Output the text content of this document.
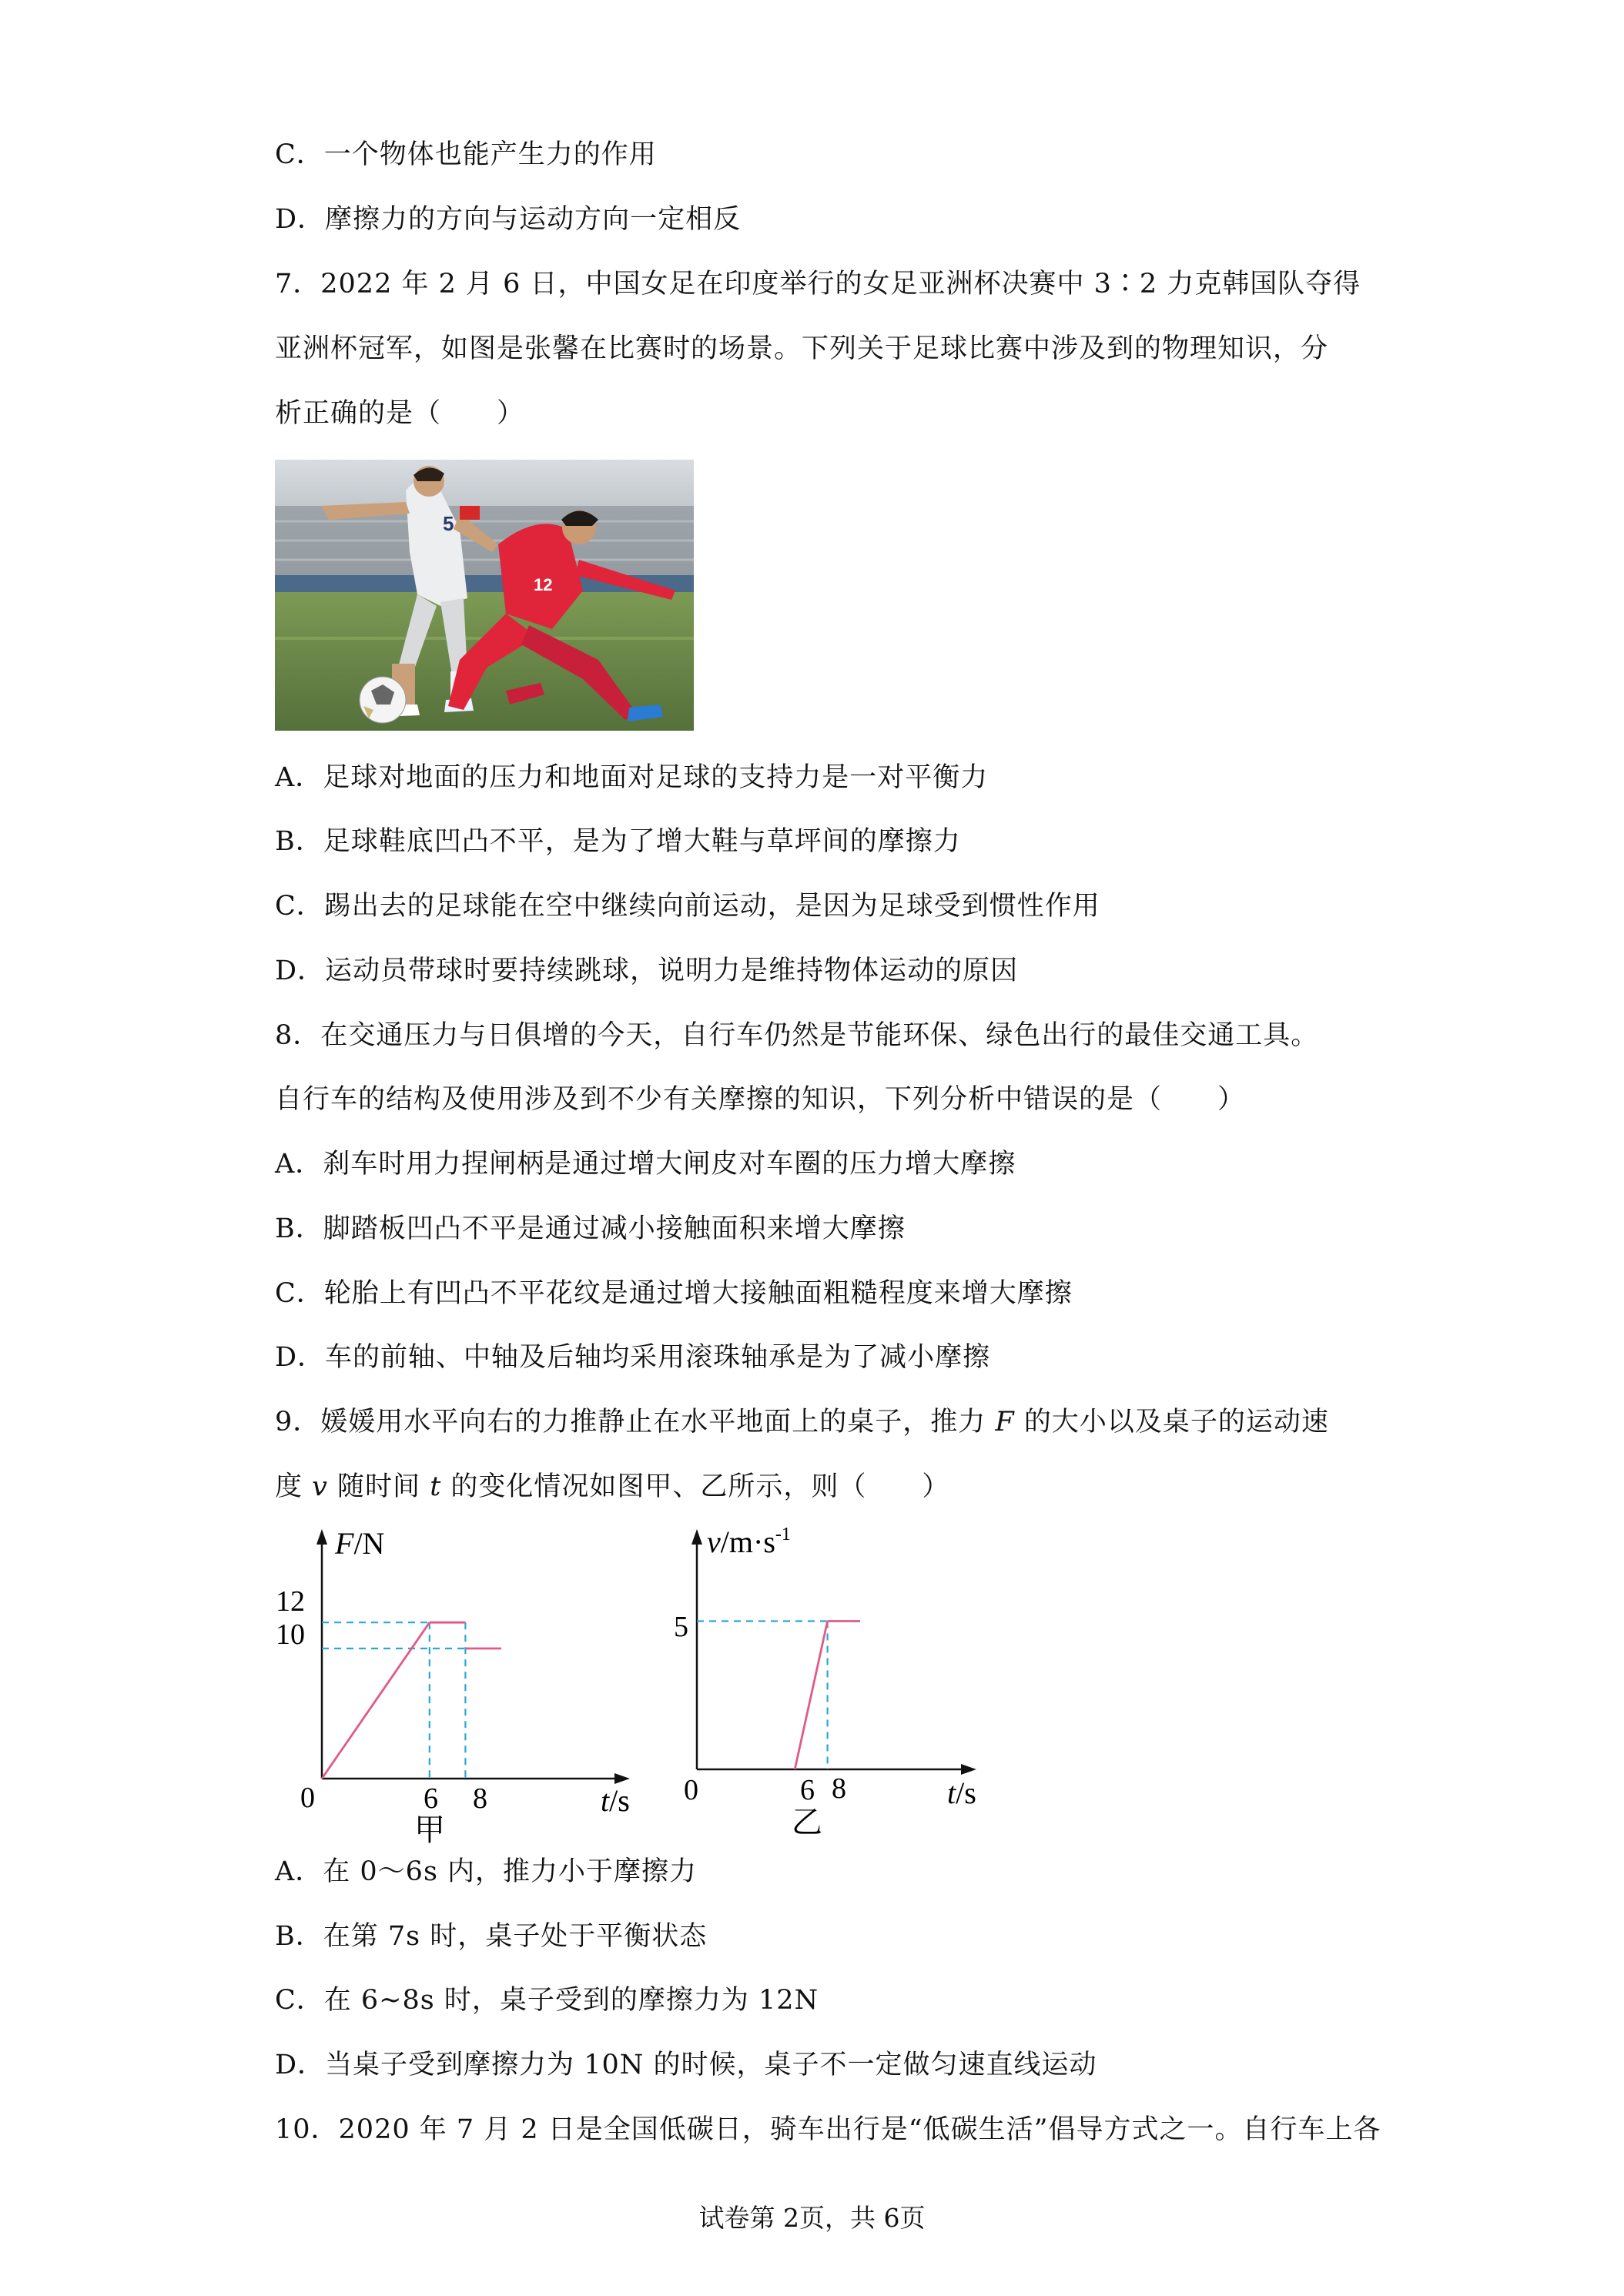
C．一个物体也能产生力的作用

D．摩擦力的方向与运动方向一定相反

7．2022 年 2 月 6 日，中国女足在印度举行的女足亚洲杯决赛中 3∶2 力克韩国队夺得

亚洲杯冠军，如图是张馨在比赛时的场景。下列关于足球比赛中涉及到的物理知识，分

析正确的是（　　）

5
12

A．足球对地面的压力和地面对足球的支持力是一对平衡力

B．足球鞋底凹凸不平，是为了增大鞋与草坪间的摩擦力

C．踢出去的足球能在空中继续向前运动，是因为足球受到惯性作用

D．运动员带球时要持续跳球，说明力是维持物体运动的原因

8．在交通压力与日俱增的今天，自行车仍然是节能环保、绿色出行的最佳交通工具。

自行车的结构及使用涉及到不少有关摩擦的知识，下列分析中错误的是（　　）

A．刹车时用力捏闸柄是通过增大闸皮对车圈的压力增大摩擦

B．脚踏板凹凸不平是通过减小接触面积来增大摩擦

C．轮胎上有凹凸不平花纹是通过增大接触面粗糙程度来增大摩擦

D．车的前轴、中轴及后轴均采用滚珠轴承是为了减小摩擦

9．媛媛用水平向右的力推静止在水平地面上的桌子，推力 F 的大小以及桌子的运动速

度 v 随时间 t 的变化情况如图甲、乙所示，则（　　）

F/N
12
10
0	6 8	t/s
甲
$v/m\cdot s^{-1}$
5
0	6 8	t/s
乙

A．在 0～6s 内，推力小于摩擦力

B．在第 7s 时，桌子处于平衡状态

C．在 6~8s 时，桌子受到的摩擦力为 12N

D．当桌子受到摩擦力为 10N 的时候，桌子不一定做匀速直线运动

10．2020 年 7 月 2 日是全国低碳日，骑车出行是“低碳生活”倡导方式之一。自行车上各

试卷第 2页，共 6页
